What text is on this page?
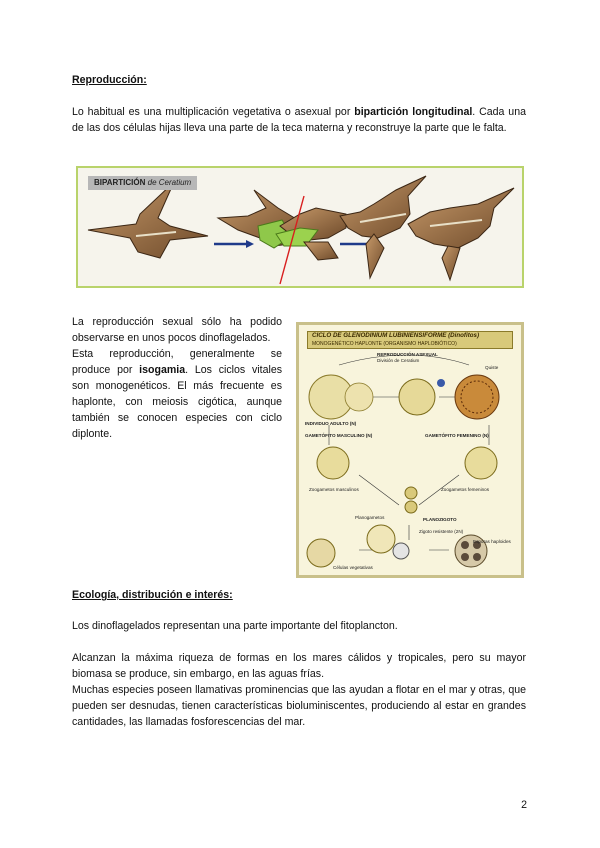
Reproducción:
Lo habitual es una multiplicación vegetativa o asexual por bipartición longitudinal. Cada una de las dos células hijas lleva una parte de la teca materna y reconstruye la parte que le falta.
BIPARTICIÓN de Ceratium
La reproducción sexual sólo ha podido observarse en unos pocos dinoflagelados.
Esta reproducción, generalmente se produce por isogamia. Los ciclos vitales son monogenéticos. El más frecuente es haplonte, con meiosis cigótica, aunque también se conocen especies con ciclo diplonte.
CICLO DE GLENODINIUM LUBINIENSIFORME (Dinofitos)
MONOGENÉTICO HAPLONTE (ORGANISMO HAPLOBIÓTICO)
REPRODUCCIÓN ASEXUAL
División de Ceratium
Quiste
INDIVIDUO ADULTO (N)
GAMETÓFITO MASCULINO (N)	GAMETÓFITO FEMENINO (N)
Zoogametos masculinos	Zoogametos femeninos
Planogametos	PLANOZIGOTO
Zigoto resistente (2N)
Esporas haploides
Células vegetativas
Ecología, distribución e interés:
Los dinoflagelados representan una parte importante del fitoplancton.
Alcanzan la máxima riqueza de formas en los mares cálidos y tropicales, pero su mayor biomasa se produce, sin embargo, en las aguas frías.
Muchas especies poseen llamativas prominencias que las ayudan a flotar en el mar y otras, que pueden ser desnudas, tienen características bioluminiscentes, produciendo al estar en grandes cantidades, las llamadas fosforescencias del mar.
2
